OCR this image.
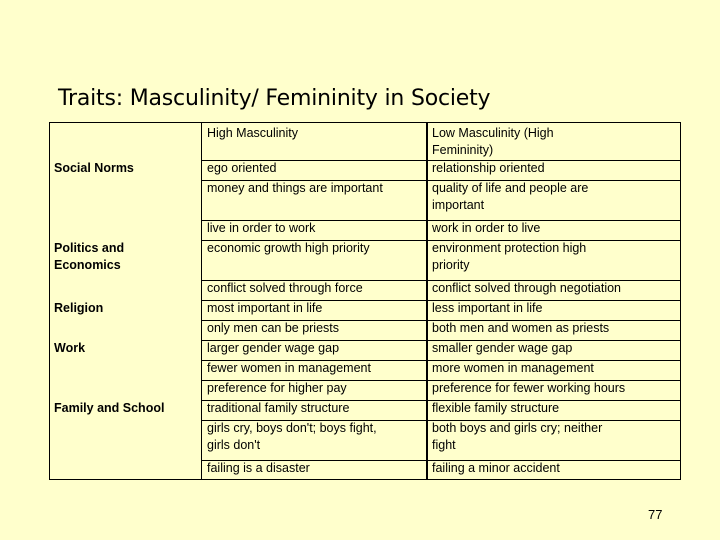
Traits: Masculinity/ Femininity in Society
High Masculinity	Low Masculinity (High
Femininity)
Social Norms
Politics and
Economics
Religion
Work
Family and School
ego oriented
money and things are important
live in order to work
economic growth high priority
conflict solved through force
most important in life
only men can be priests
larger gender wage gap
fewer women in management
preference for higher pay
traditional family structure
girls cry, boys don't; boys fight,
girls don't
failing is a disaster
relationship oriented
quality of life and people are
important
work in order to live
environment protection high
priority
conflict solved through negotiation
less important in life
both men and women as priests
smaller gender wage gap
more women in management
preference for fewer working hours
flexible family structure
both boys and girls cry; neither
fight
failing a minor accident
77
